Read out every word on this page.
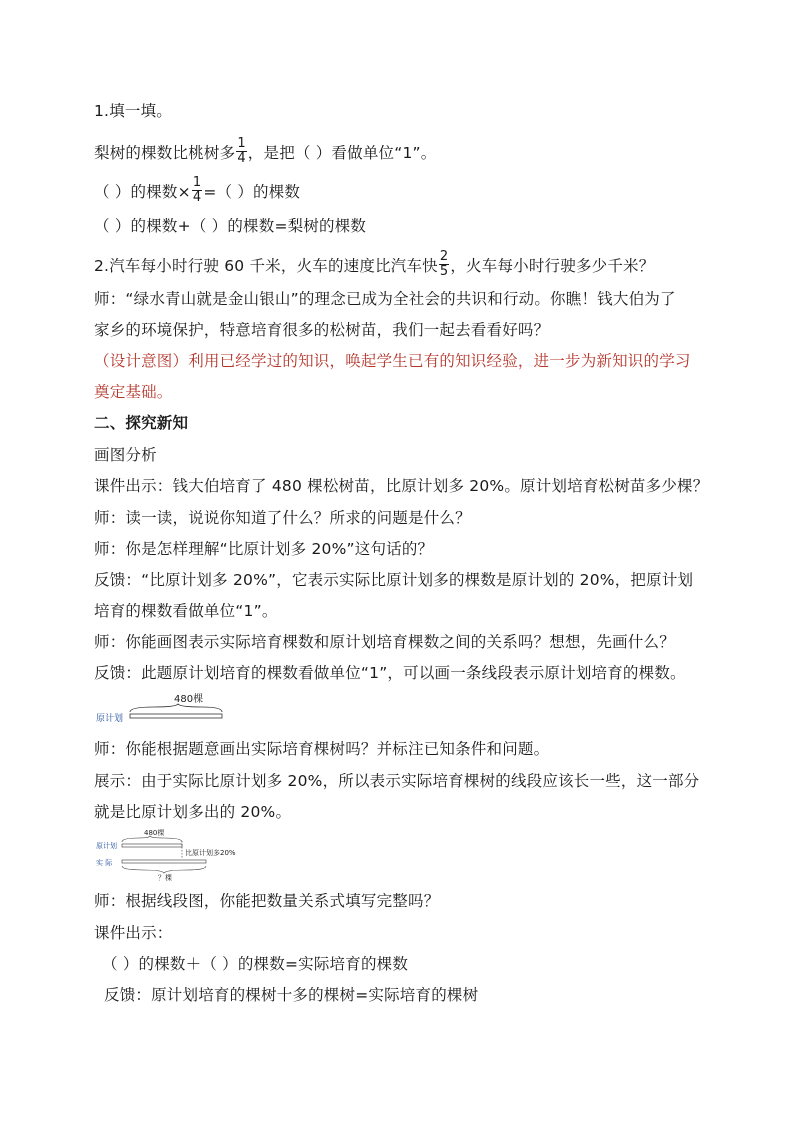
1.填一填。
梨树的棵数比桃树多 $\frac{1}{4}$ ，是把（ ）看做单位“1”。
（ ）的棵数× $\frac{1}{4}$ =（ ）的棵数
（ ）的棵数+（ ）的棵数=梨树的棵数
2.汽车每小时行驶 60 千米，火车的速度比汽车快 $\frac{2}{5}$ ，火车每小时行驶多少千米？
师：“绿水青山就是金山银山”的理念已成为全社会的共识和行动。你瞧！钱大伯为了
家乡的环境保护，特意培育很多的松树苗，我们一起去看看好吗？
（设计意图）利用已经学过的知识，唤起学生已有的知识经验，进一步为新知识的学习
奠定基础。
二、探究新知
画图分析
课件出示：钱大伯培育了 480 棵松树苗，比原计划多 20%。原计划培育松树苗多少棵？
师：读一读，说说你知道了什么？所求的问题是什么？
师：你是怎样理解“比原计划多 20%”这句话的？
反馈：“比原计划多 20%”，它表示实际比原计划多的棵数是原计划的 20%，把原计划
培育的棵数看做单位“1”。
师：你能画图表示实际培育棵数和原计划培育棵数之间的关系吗？想想，先画什么？
反馈：此题原计划培育的棵数看做单位“1”，可以画一条线段表示原计划培育的棵数。
480棵
原计划
师：你能根据题意画出实际培育棵树吗？并标注已知条件和问题。
展示：由于实际比原计划多 20%，所以表示实际培育棵树的线段应该长一些，这一部分
就是比原计划多出的 20%。
480棵
原计划
比原计划多20%
实 际
？棵
师：根据线段图，你能把数量关系式填写完整吗？
课件出示：
（ ）的棵数＋（ ）的棵数=实际培育的棵数
反馈：原计划培育的棵树十多的棵树=实际培育的棵树
